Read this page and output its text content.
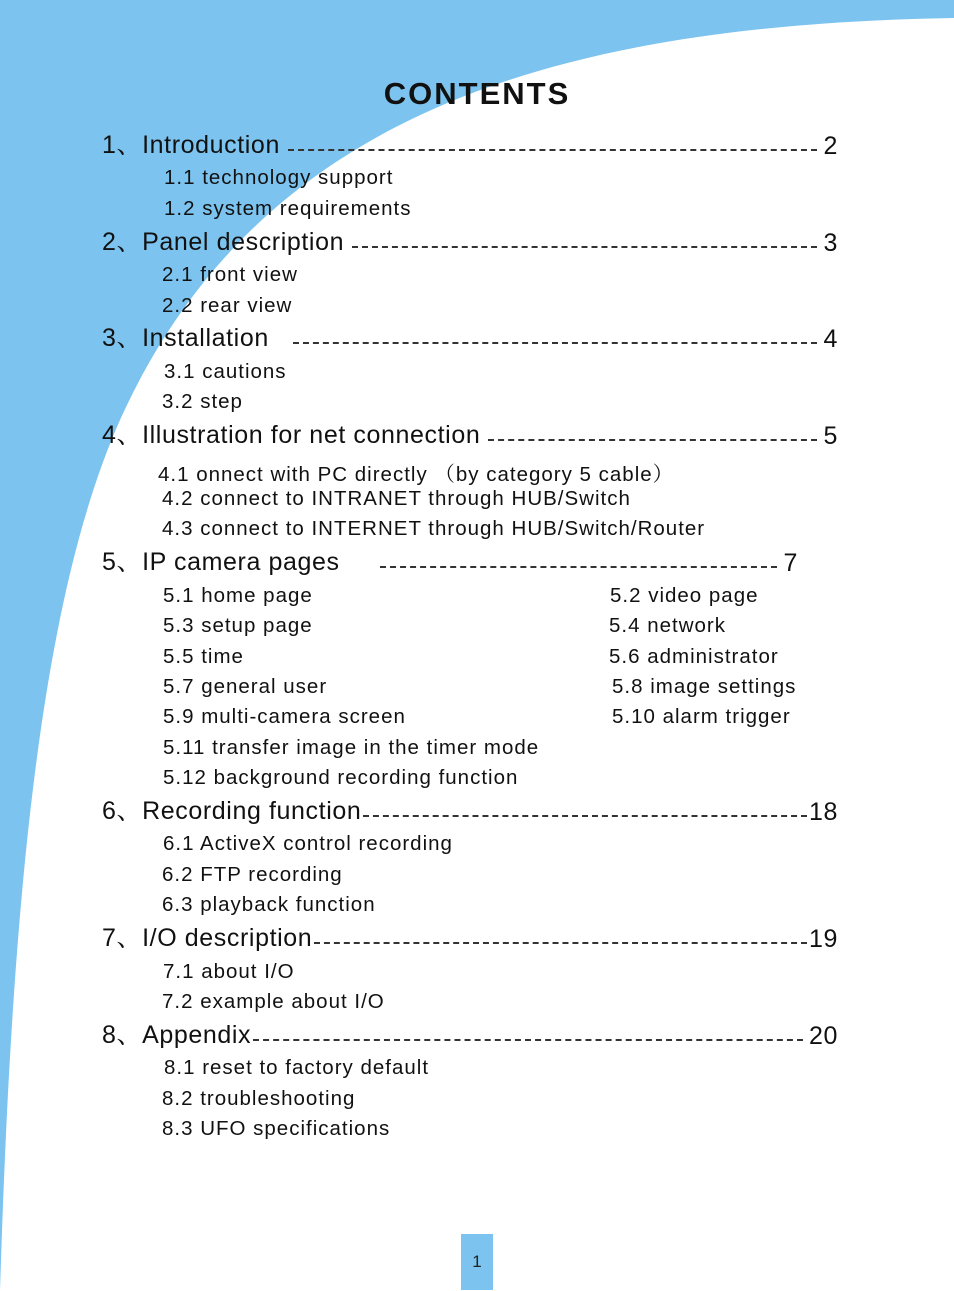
CONTENTS
1、Introduction	2
1.1 technology support
1.2 system requirements
2、Panel description	3
2.1 front view
2.2 rear view
3、Installation	4
3.1 cautions
3.2 step
4、Illustration for net connection	5
4.1 onnect with PC directly （by category 5 cable）
4.2 connect to INTRANET through HUB/Switch
4.3 connect to INTERNET through HUB/Switch/Router
5、IP camera pages	7
5.1 home page	5.2 video page
5.3 setup page	5.4 network
5.5 time	5.6 administrator
5.7 general user	5.8 image settings
5.9 multi-camera screen	5.10 alarm trigger
5.11 transfer image in the timer mode
5.12 background recording function
6、Recording function	18
6.1 ActiveX control recording
6.2 FTP recording
6.3 playback function
7、I/O description	19
7.1 about I/O
7.2 example about I/O
8、Appendix	20
8.1 reset to factory default
8.2 troubleshooting
8.3 UFO specifications
1
